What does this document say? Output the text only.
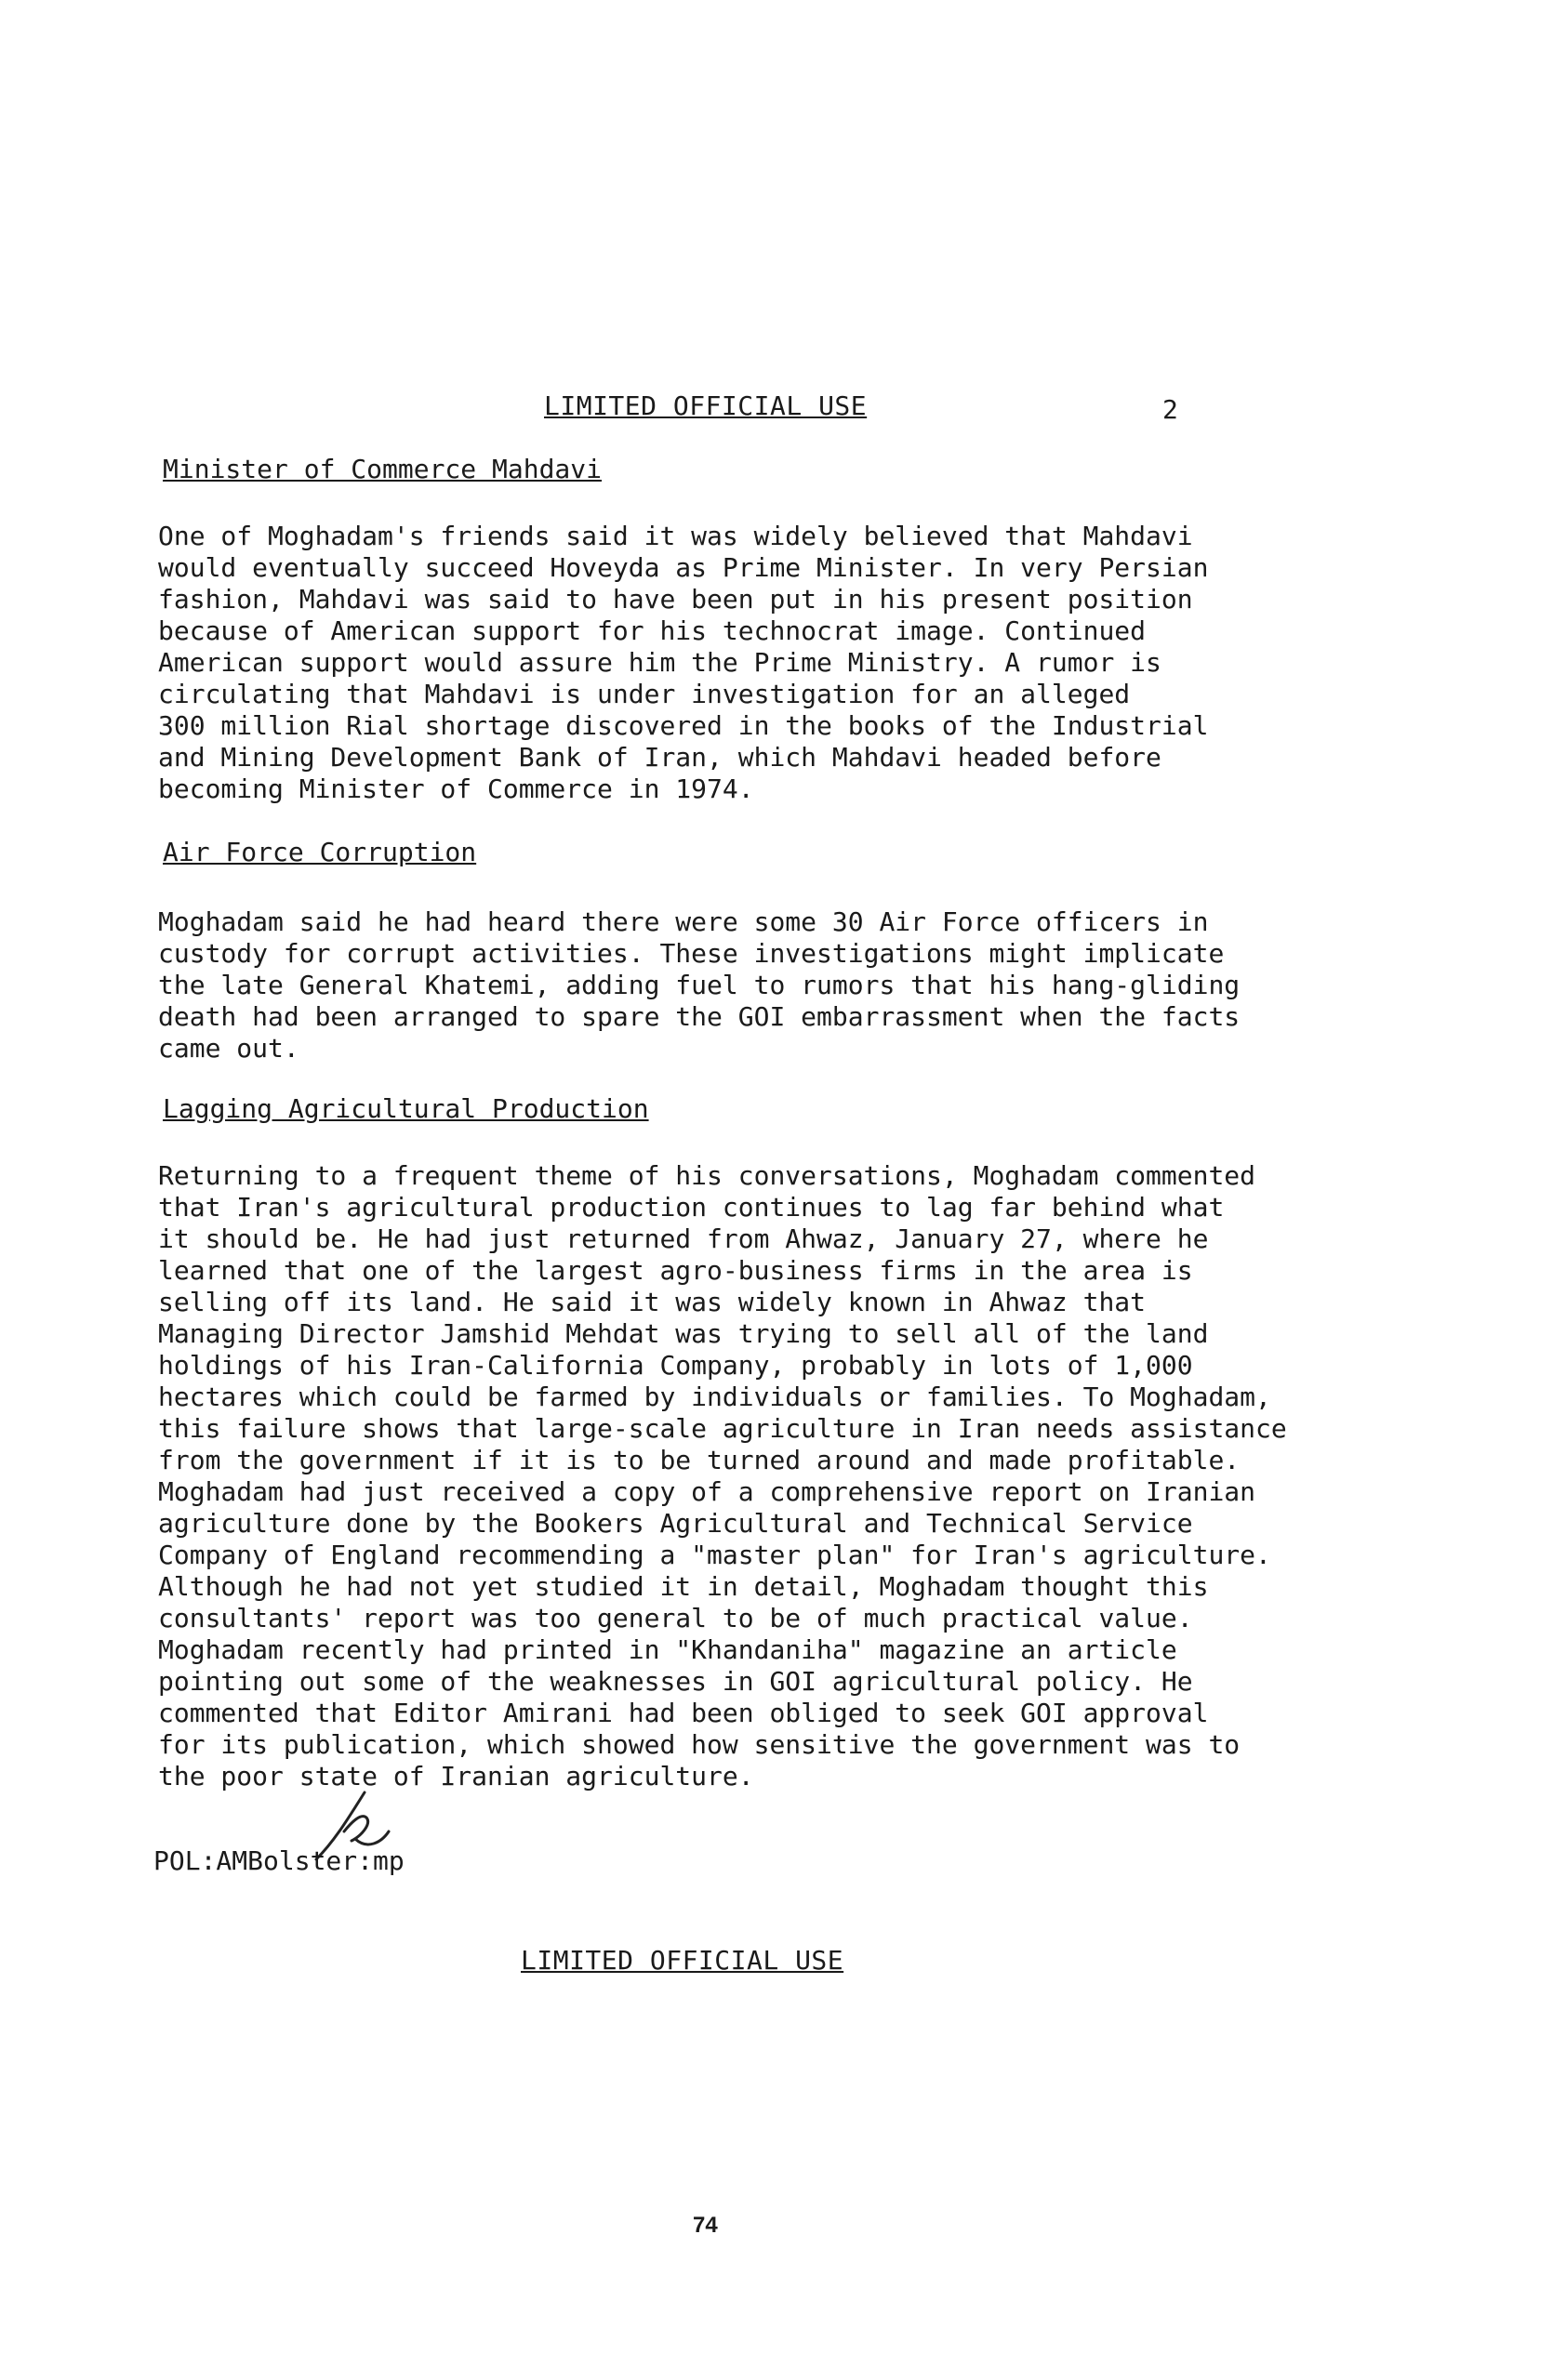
LIMITED OFFICIAL USE	2
Minister of Commerce Mahdavi

One of Moghadam's friends said it was widely believed that Mahdavi
would eventually succeed Hoveyda as Prime Minister. In very Persian
fashion, Mahdavi was said to have been put in his present position
because of American support for his technocrat image. Continued
American support would assure him the Prime Ministry. A rumor is
circulating that Mahdavi is under investigation for an alleged
300 million Rial shortage discovered in the books of the Industrial
and Mining Development Bank of Iran, which Mahdavi headed before
becoming Minister of Commerce in 1974.

Air Force Corruption

Moghadam said he had heard there were some 30 Air Force officers in
custody for corrupt activities. These investigations might implicate
the late General Khatemi, adding fuel to rumors that his hang-gliding
death had been arranged to spare the GOI embarrassment when the facts
came out.

Lagging Agricultural Production

Returning to a frequent theme of his conversations, Moghadam commented
that Iran's agricultural production continues to lag far behind what
it should be. He had just returned from Ahwaz, January 27, where he
learned that one of the largest agro-business firms in the area is
selling off its land. He said it was widely known in Ahwaz that
Managing Director Jamshid Mehdat was trying to sell all of the land
holdings of his Iran-California Company, probably in lots of 1,000
hectares which could be farmed by individuals or families. To Moghadam,
this failure shows that large-scale agriculture in Iran needs assistance
from the government if it is to be turned around and made profitable.
Moghadam had just received a copy of a comprehensive report on Iranian
agriculture done by the Bookers Agricultural and Technical Service
Company of England recommending a "master plan" for Iran's agriculture.
Although he had not yet studied it in detail, Moghadam thought this
consultants' report was too general to be of much practical value.
Moghadam recently had printed in "Khandaniha" magazine an article
pointing out some of the weaknesses in GOI agricultural policy. He
commented that Editor Amirani had been obliged to seek GOI approval
for its publication, which showed how sensitive the government was to
the poor state of Iranian agriculture.

POL:AMBolster:mp
LIMITED OFFICIAL USE
74
